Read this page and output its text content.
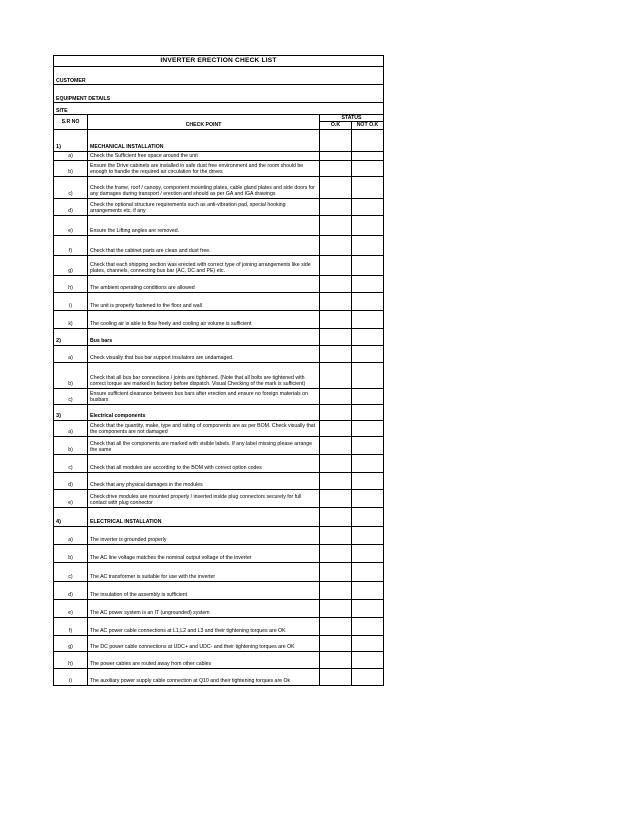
INVERTER ERECTION CHECK LIST			
CUSTOMER			
EQUIPMENT DETAILS			
SITE			
S.R NO	CHECK POINT	STATUS	
		O.K	NOT O.K
1)	MECHANICAL INSTALLATION		
a)	Check the Sufficient free space around the unit		
b)	Ensure the Drive cabinets are installed in safe dust free environment and the room should be enough to handle the required air circulation for the drives		
c)	Check the frame, roof / canopy, component mounting plates, cable gland plates and side doors for any damages during transport / erection and should as per GA and IGA drawings		
d)	Check the optional structure requirements such as anti-vibration pad, special hooking arrangements etc. if any		
e)	Ensure the Lifting angles are removed.		
f)	Check that the cabinet parts are clean and dust free.		
g)	Check that each shipping section was erected with correct type of joining arrangements like side plates, channels, connecting bus bar (AC, DC and PE) etc.		
h)	The ambient operating conditions are allowed		
i)	The unit is properly fastened to the floor and wall		
k)	The cooling air is able to flow freely and cooling air volume is sufficient		
2)	Bus bars		
a)	Check visually that bus bar support insulators are undamaged.		
b)	Check that all bus bar connections / joints are tightened. (Note that all bolts are tightened with correct torque are marked in factory before dispatch. Visual Checking of the mark is sufficient)		
c)	Ensure sufficient clearance between bus bars after erection and ensure no foreign materials on busbars		
3)	Electrical components		
a)	Check that the quantity, make, type and rating of components are as per BOM. Check visually that the components are not damaged		
b)	Check that all the components are marked with visible labels. If any label missing please arrange the same		
c)	Check that all modules are according to the BOM with correct option codes		
d)	Check that any physical damages in the modules		
e)	Check drive modules are mounted properly / inserted inside plug connectors securely for full contact with plug connector		
4)	ELECTRICAL INSTALLATION		
a)	The inverter is grounded properly		
b)	The AC line voltage matches the nominal output voltage of the inverter		
c)	The AC transformer is suitable for use with the inverter		
d)	The insulation of the assembly is sufficient		
e)	The AC power system is an IT (ungrounded) system		
f)	The AC power cable connections at L1,L2 and L3 and their tightening torques are OK		
g)	The DC power cable connections at UDC+ and UDC- and their tightening torques are OK		
h)	The power cables are routed away from other cables		
i)	The auxiliary power supply cable connection at Q10 and their tightening torques are Ok		
